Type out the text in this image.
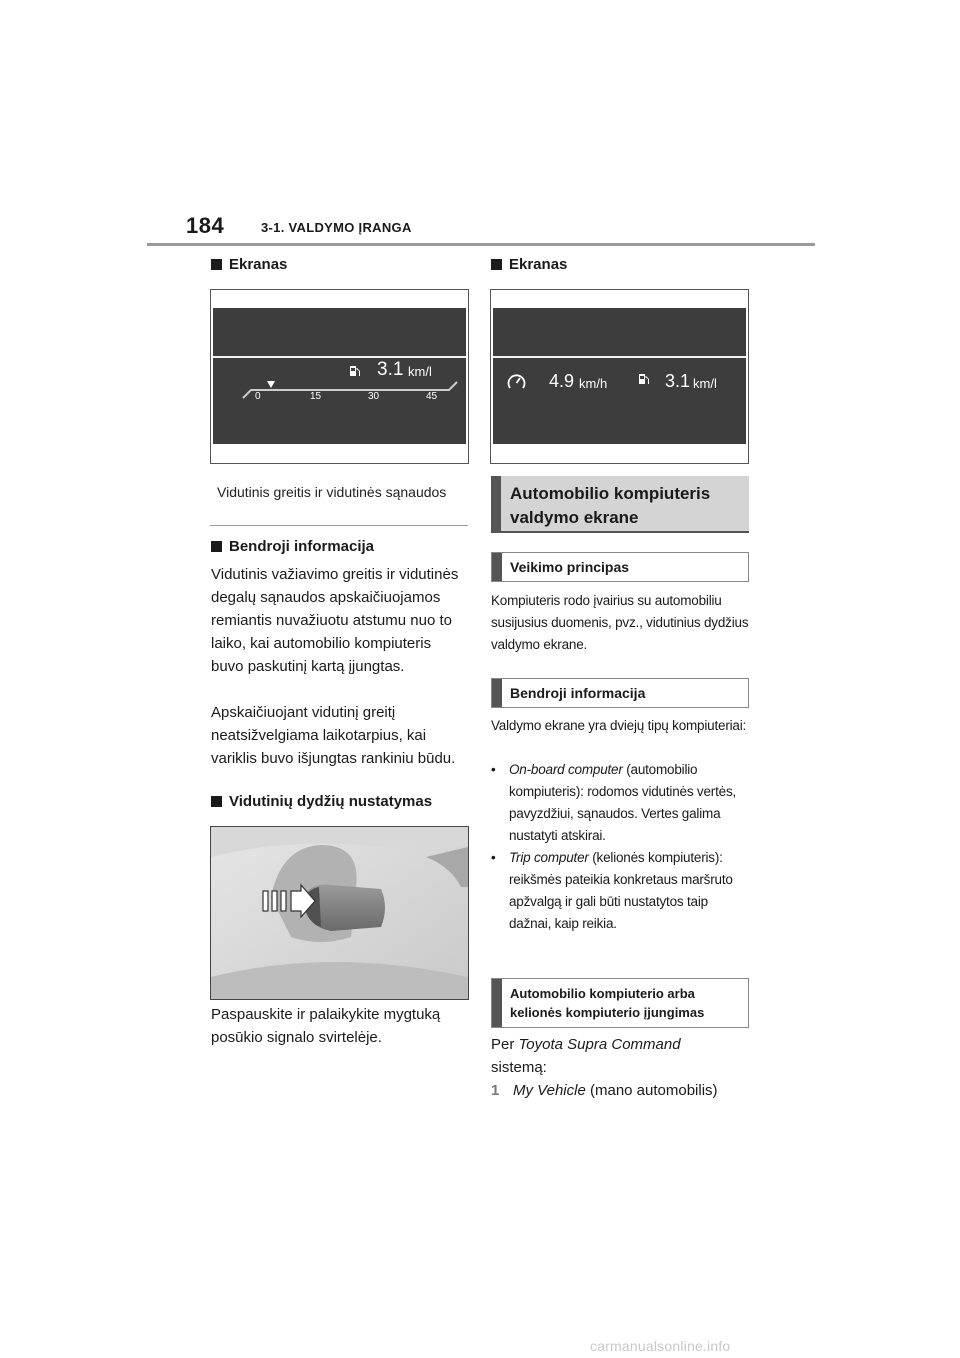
184	3-1. VALDYMO ĮRANGA
Ekranas
3.1 km/l
0	15	30	45
Vidutinis greitis ir vidutinės sąnaudos
Bendroji informacija
Vidutinis važiavimo greitis ir vidutinės degalų sąnaudos apskaičiuojamos remiantis nuvažiuotu atstumu nuo to laiko, kai automobilio kompiuteris buvo paskutinį kartą įjungtas.
Apskaičiuojant vidutinį greitį neatsižvelgiama laikotarpius, kai variklis buvo išjungtas rankiniu būdu.
Vidutinių dydžių nustatymas
Paspauskite ir palaikykite mygtuką posūkio signalo svirtelėje.
Ekranas
4.9 km/h	3.1 km/l
Automobilio kompiuteris valdymo ekrane
Veikimo principas
Kompiuteris rodo įvairius su automobiliu susijusius duomenis, pvz., vidutinius dydžius valdymo ekrane.
Bendroji informacija
Valdymo ekrane yra dviejų tipų kompiuteriai:
• On-board computer (automobilio kompiuteris): rodomos vidutinės vertės, pavyzdžiui, sąnaudos. Vertes galima nustatyti atskirai.
• Trip computer (kelionės kompiuteris): reikšmės pateikia konkretaus maršruto apžvalgą ir gali būti nustatytos taip dažnai, kaip reikia.
Automobilio kompiuterio arba kelionės kompiuterio įjungimas
Per Toyota Supra Command
sistemą:
1 My Vehicle (mano automobilis)
carmanualsonline.info
